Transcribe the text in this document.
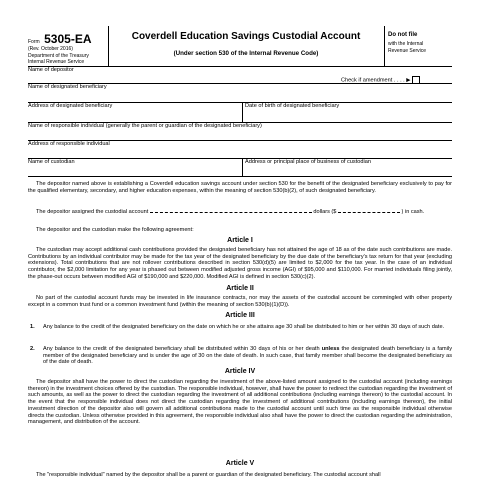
Form 5305-EA
(Rev. October 2016)
Department of the Treasury
Internal Revenue Service
Coverdell Education Savings Custodial Account
(Under section 530 of the Internal Revenue Code)
Do not file
with the Internal
Revenue Service
Name of depositor
Check if amendment . . . . ▶
Name of designated beneficiary
Address of designated beneficiary	Date of birth of designated beneficiary
Name of responsible individual (generally the parent or guardian of the designated beneficiary)
Address of responsible individual
Name of custodian	Address or principal place of business of custodian
The depositor named above is establishing a Coverdell education savings account under section 530 for the benefit of the designated beneficiary exclusively to pay for the qualified elementary, secondary, and higher education expenses, within the meaning of section 530(b)(2), of such designated beneficiary.
The depositor assigned the custodial account	dollars ($	) in cash.
The depositor and the custodian make the following agreement:
Article I
The custodian may accept additional cash contributions provided the designated beneficiary has not attained the age of 18 as of the date such contributions are made. Contributions by an individual contributor may be made for the tax year of the designated beneficiary by the due date of the beneficiary's tax return for that year (excluding extensions). Total contributions that are not rollover contributions described in section 530(d)(5) are limited to $2,000 for the tax year. In the case of an individual contributor, the $2,000 limitation for any year is phased out between modified adjusted gross income (AGI) of $95,000 and $110,000. For married individuals filing jointly, the phase-out occurs between modified AGI of $190,000 and $220,000. Modified AGI is defined in section 530(c)(2).
Article II
No part of the custodial account funds may be invested in life insurance contracts, nor may the assets of the custodial account be commingled with other property except in a common trust fund or a common investment fund (within the meaning of section 530(b)(1)(D)).
Article III
1. Any balance to the credit of the designated beneficiary on the date on which he or she attains age 30 shall be distributed to him or her within 30 days of such date.
2. Any balance to the credit of the designated beneficiary shall be distributed within 30 days of his or her death unless the designated death beneficiary is a family member of the designated beneficiary and is under the age of 30 on the date of death. In such case, that family member shall become the designated beneficiary as of the date of death.
Article IV
The depositor shall have the power to direct the custodian regarding the investment of the above-listed amount assigned to the custodial account (including earnings thereon) in the investment choices offered by the custodian. The responsible individual, however, shall have the power to redirect the custodian regarding the investment of such amounts, as well as the power to direct the custodian regarding the investment of all additional contributions (including earnings thereon) to the custodial account. In the event that the responsible individual does not direct the custodian regarding the investment of additional contributions (including earnings thereon), the initial investment direction of the depositor also will govern all additional contributions made to the custodial account until such time as the responsible individual otherwise directs the custodian. Unless otherwise provided in this agreement, the responsible individual also shall have the power to direct the custodian regarding the administration, management, and distribution of the account.
Article V
The "responsible individual" named by the depositor shall be a parent or guardian of the designated beneficiary. The custodial account shall
